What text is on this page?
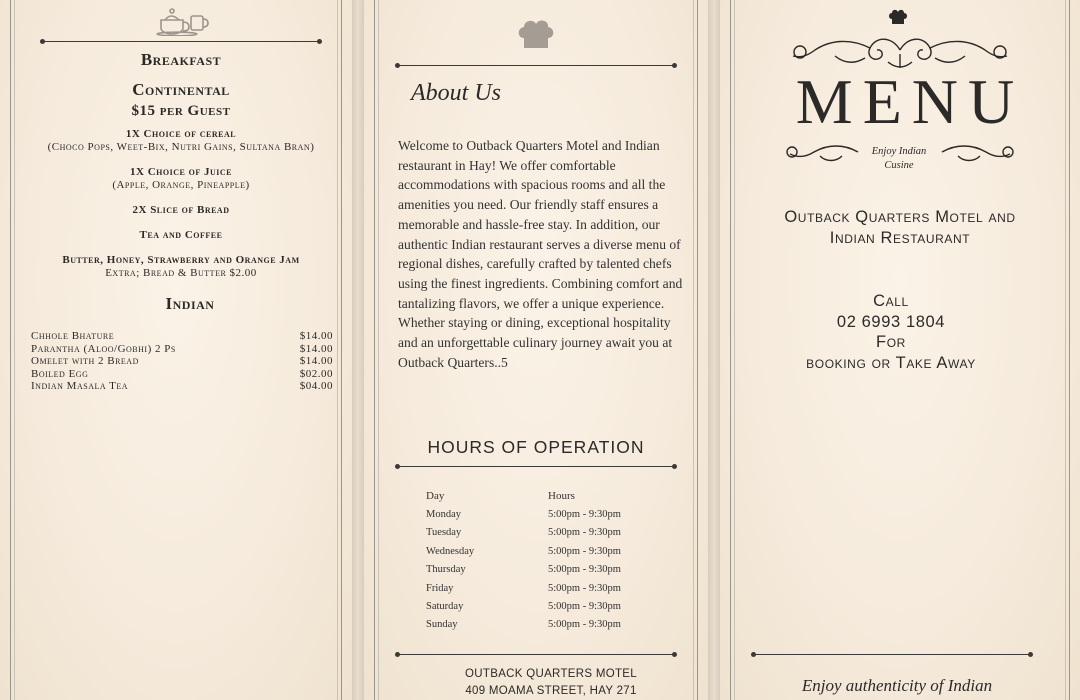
Breakfast
Continental
$15 per Guest
1X Choice of cereal
(Choco Pops, Weet-Bix, Nutri Gains, Sultana Bran)
1X Choice of Juice
(Apple, Orange, Pineapple)
2X Slice of Bread
Tea and Coffee
Butter, Honey, Strawberry and Orange Jam
Extra; Bread & Butter $2.00
Indian
Chhole Bhature	$14.00
Parantha (Aloo/Gobhi) 2 Ps	$14.00
Omelet with 2 Bread	$14.00
Boiled Egg	$02.00
Indian Masala Tea	$04.00
About Us
Welcome to Outback Quarters Motel and Indian restaurant in Hay! We offer comfortable accommodations with spacious rooms and all the amenities you need. Our friendly staff ensures a memorable and hassle-free stay. In addition, our authentic Indian restaurant serves a diverse menu of regional dishes, carefully crafted by talented chefs using the finest ingredients. Combining comfort and tantalizing flavors, we offer a unique experience. Whether staying or dining, exceptional hospitality and an unforgettable culinary journey await you at Outback Quarters..5
HOURS OF OPERATION
Day	Hours
Monday	5:00pm - 9:30pm
Tuesday	5:00pm - 9:30pm
Wednesday	5:00pm - 9:30pm
Thursday	5:00pm - 9:30pm
Friday	5:00pm - 9:30pm
Saturday	5:00pm - 9:30pm
Sunday	5:00pm - 9:30pm
OUTBACK QUARTERS MOTEL
409 MOAMA STREET, HAY 271
MENU
Enjoy Indian
Cusine
Outback Quarters Motel and
Indian Restaurant
Call
02 6993 1804
For
booking or Take Away
Enjoy authenticity of Indian
